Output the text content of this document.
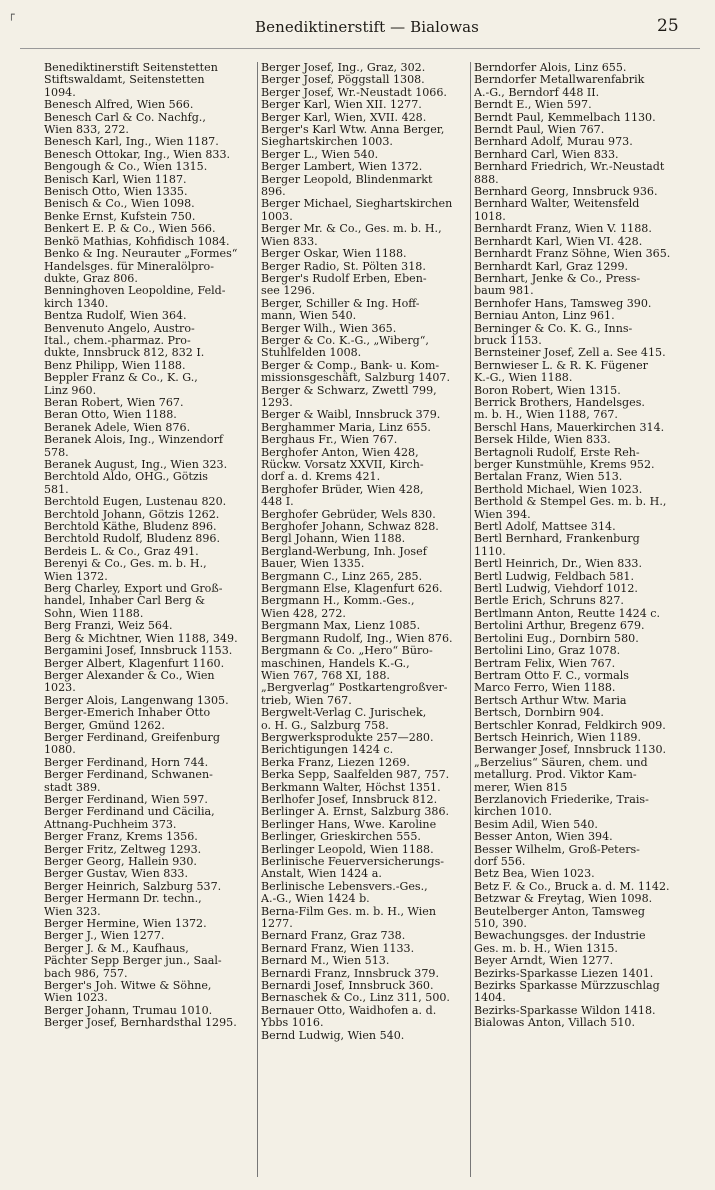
Benediktinerstift — Bialowas	25
┌
Benediktinerstift Seitenstetten
Stiftswaldamt, Seitenstetten
1094.
Benesch Alfred, Wien 566.
Benesch Carl & Co. Nachfg.,
Wien 833, 272.
Benesch Karl, Ing., Wien 1187.
Benesch Ottokar, Ing., Wien 833.
Bengough & Co., Wien 1315.
Benisch Karl, Wien 1187.
Benisch Otto, Wien 1335.
Benisch & Co., Wien 1098.
Benke Ernst, Kufstein 750.
Benkert E. P. & Co., Wien 566.
Benkö Mathias, Kohfidisch 1084.
Benko & Ing. Neurauter „Formes“
Handelsges. für Mineralölpro-
dukte, Graz 806.
Benninghoven Leopoldine, Feld-
kirch 1340.
Bentza Rudolf, Wien 364.
Benvenuto Angelo, Austro-
Ital., chem.-pharmaz. Pro-
dukte, Innsbruck 812, 832 I.
Benz Philipp, Wien 1188.
Beppler Franz & Co., K. G.,
Linz 960.
Beran Robert, Wien 767.
Beran Otto, Wien 1188.
Beranek Adele, Wien 876.
Beranek Alois, Ing., Winzendorf
578.
Beranek August, Ing., Wien 323.
Berchtold Aldo, OHG., Götzis
581.
Berchtold Eugen, Lustenau 820.
Berchtold Johann, Götzis 1262.
Berchtold Käthe, Bludenz 896.
Berchtold Rudolf, Bludenz 896.
Berdeis L. & Co., Graz 491.
Berenyi & Co., Ges. m. b. H.,
Wien 1372.
Berg Charley, Export und Groß-
handel, Inhaber Carl Berg &
Sohn, Wien 1188.
Berg Franzi, Weiz 564.
Berg & Michtner, Wien 1188, 349.
Bergamini Josef, Innsbruck 1153.
Berger Albert, Klagenfurt 1160.
Berger Alexander & Co., Wien
1023.
Berger Alois, Langenwang 1305.
Berger-Emerich Inhaber Otto
Berger, Gmünd 1262.
Berger Ferdinand, Greifenburg
1080.
Berger Ferdinand, Horn 744.
Berger Ferdinand, Schwanen-
stadt 389.
Berger Ferdinand, Wien 597.
Berger Ferdinand und Cäcilia,
Attnang-Puchheim 373.
Berger Franz, Krems 1356.
Berger Fritz, Zeltweg 1293.
Berger Georg, Hallein 930.
Berger Gustav, Wien 833.
Berger Heinrich, Salzburg 537.
Berger Hermann Dr. techn.,
Wien 323.
Berger Hermine, Wien 1372.
Berger J., Wien 1277.
Berger J. & M., Kaufhaus,
Pächter Sepp Berger jun., Saal-
bach 986, 757.
Berger's Joh. Witwe & Söhne,
Wien 1023.
Berger Johann, Trumau 1010.
Berger Josef, Bernhardsthal 1295.
Berger Josef, Ing., Graz, 302.
Berger Josef, Pöggstall 1308.
Berger Josef, Wr.-Neustadt 1066.
Berger Karl, Wien XII. 1277.
Berger Karl, Wien, XVII. 428.
Berger's Karl Wtw. Anna Berger,
Sieghartskirchen 1003.
Berger L., Wien 540.
Berger Lambert, Wien 1372.
Berger Leopold, Blindenmarkt
896.
Berger Michael, Sieghartskirchen
1003.
Berger Mr. & Co., Ges. m. b. H.,
Wien 833.
Berger Oskar, Wien 1188.
Berger Radio, St. Pölten 318.
Berger's Rudolf Erben, Eben-
see 1296.
Berger, Schiller & Ing. Hoff-
mann, Wien 540.
Berger Wilh., Wien 365.
Berger & Co. K.-G., „Wiberg“,
Stuhlfelden 1008.
Berger & Comp., Bank- u. Kom-
missionsgeschäft, Salzburg 1407.
Berger & Schwarz, Zwettl 799,
1293.
Berger & Waibl, Innsbruck 379.
Berghammer Maria, Linz 655.
Berghaus Fr., Wien 767.
Berghofer Anton, Wien 428,
Rückw. Vorsatz XXVII, Kirch-
dorf a. d. Krems 421.
Berghofer Brüder, Wien 428,
448 I.
Berghofer Gebrüder, Wels 830.
Berghofer Johann, Schwaz 828.
Bergl Johann, Wien 1188.
Bergland-Werbung, Inh. Josef
Bauer, Wien 1335.
Bergmann C., Linz 265, 285.
Bergmann Else, Klagenfurt 626.
Bergmann H., Komm.-Ges.,
Wien 428, 272.
Bergmann Max, Lienz 1085.
Bergmann Rudolf, Ing., Wien 876.
Bergmann & Co. „Hero“ Büro-
maschinen, Handels K.-G.,
Wien 767, 768 XI, 188.
„Bergverlag“ Postkartengroßver-
trieb, Wien 767.
Bergwelt-Verlag C. Jurischek,
o. H. G., Salzburg 758.
Bergwerksprodukte 257—280.
Berichtigungen 1424 c.
Berka Franz, Liezen 1269.
Berka Sepp, Saalfelden 987, 757.
Berkmann Walter, Höchst 1351.
Berlhofer Josef, Innsbruck 812.
Berlinger A. Ernst, Salzburg 386.
Berlinger Hans, Wwe. Karoline
Berlinger, Grieskirchen 555.
Berlinger Leopold, Wien 1188.
Berlinische Feuerversicherungs-
Anstalt, Wien 1424 a.
Berlinische Lebensvers.-Ges.,
A.-G., Wien 1424 b.
Berna-Film Ges. m. b. H., Wien
1277.
Bernard Franz, Graz 738.
Bernard Franz, Wien 1133.
Bernard M., Wien 513.
Bernardi Franz, Innsbruck 379.
Bernardi Josef, Innsbruck 360.
Bernaschek & Co., Linz 311, 500.
Bernauer Otto, Waidhofen a. d.
Ybbs 1016.
Bernd Ludwig, Wien 540.
Berndorfer Alois, Linz 655.
Berndorfer Metallwarenfabrik
A.-G., Berndorf 448 II.
Berndt E., Wien 597.
Berndt Paul, Kemmelbach 1130.
Berndt Paul, Wien 767.
Bernhard Adolf, Murau 973.
Bernhard Carl, Wien 833.
Bernhard Friedrich, Wr.-Neustadt
888.
Bernhard Georg, Innsbruck 936.
Bernhard Walter, Weitensfeld
1018.
Bernhardt Franz, Wien V. 1188.
Bernhardt Karl, Wien VI. 428.
Bernhardt Franz Söhne, Wien 365.
Bernhardt Karl, Graz 1299.
Bernhart, Jenke & Co., Press-
baum 981.
Bernhofer Hans, Tamsweg 390.
Berniau Anton, Linz 961.
Berninger & Co. K. G., Inns-
bruck 1153.
Bernsteiner Josef, Zell a. See 415.
Bernwieser L. & R. K. Fügener
K.-G., Wien 1188.
Boron Robert, Wien 1315.
Berrick Brothers, Handelsges.
m. b. H., Wien 1188, 767.
Berschl Hans, Mauerkirchen 314.
Bersek Hilde, Wien 833.
Bertagnoli Rudolf, Erste Reh-
berger Kunstmühle, Krems 952.
Bertalan Franz, Wien 513.
Berthold Michael, Wien 1023.
Berthold & Stempel Ges. m. b. H.,
Wien 394.
Bertl Adolf, Mattsee 314.
Bertl Bernhard, Frankenburg
1110.
Bertl Heinrich, Dr., Wien 833.
Bertl Ludwig, Feldbach 581.
Bertl Ludwig, Viehdorf 1012.
Bertle Erich, Schruns 827.
Bertlmann Anton, Reutte 1424 c.
Bertolini Arthur, Bregenz 679.
Bertolini Eug., Dornbirn 580.
Bertolini Lino, Graz 1078.
Bertram Felix, Wien 767.
Bertram Otto F. C., vormals
Marco Ferro, Wien 1188.
Bertsch Arthur Wtw. Maria
Bertsch, Dornbirn 904.
Bertschler Konrad, Feldkirch 909.
Bertsch Heinrich, Wien 1189.
Berwanger Josef, Innsbruck 1130.
„Berzelius“ Säuren, chem. und
metallurg. Prod. Viktor Kam-
merer, Wien 815
Berzlanovich Friederike, Trais-
kirchen 1010.
Besim Adil, Wien 540.
Besser Anton, Wien 394.
Besser Wilhelm, Groß-Peters-
dorf 556.
Betz Bea, Wien 1023.
Betz F. & Co., Bruck a. d. M. 1142.
Betzwar & Freytag, Wien 1098.
Beutelberger Anton, Tamsweg
510, 390.
Bewachungsges. der Industrie
Ges. m. b. H., Wien 1315.
Beyer Arndt, Wien 1277.
Bezirks-Sparkasse Liezen 1401.
Bezirks Sparkasse Mürzzuschlag
1404.
Bezirks-Sparkasse Wildon 1418.
Bialowas Anton, Villach 510.
